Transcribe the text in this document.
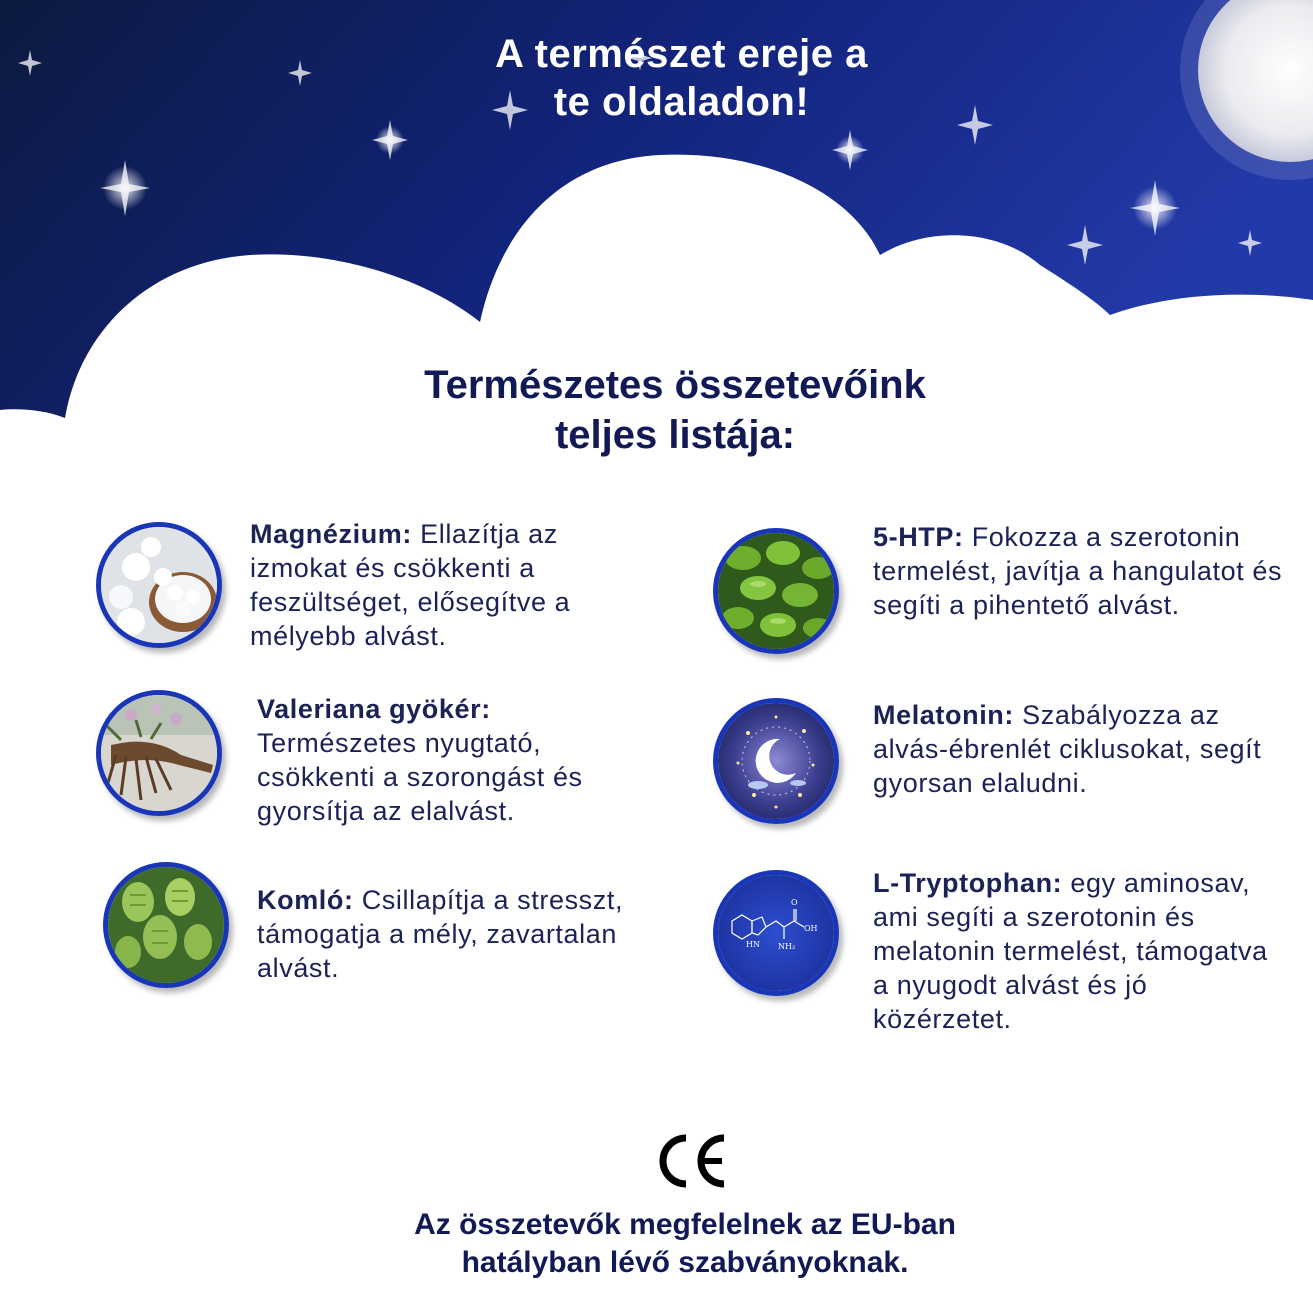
A természet ereje a
te oldaladon!
Természetes összetevőink
teljes listája:
Magnézium: Ellazítja az izmokat és csökkenti a feszültséget, elősegítve a mélyebb alvást.
Valeriana gyökér:
Természetes nyugtató, csökkenti a szorongást és gyorsítja az elalvást.
Komló: Csillapítja a stresszt, támogatja a mély, zavartalan alvást.
5-HTP: Fokozza a szerotonin termelést, javítja a hangulatot és segíti a pihentető alvást.
Melatonin: Szabályozza az alvás-ébrenlét ciklusokat, segít gyorsan elaludni.
O
OH
HN NH₂
L-Tryptophan: egy aminosav, ami segíti a szerotonin és melatonin termelést, támogatva a nyugodt alvást és jó közérzetet.
Az összetevők megfelelnek az EU-ban
hatályban lévő szabványoknak.
